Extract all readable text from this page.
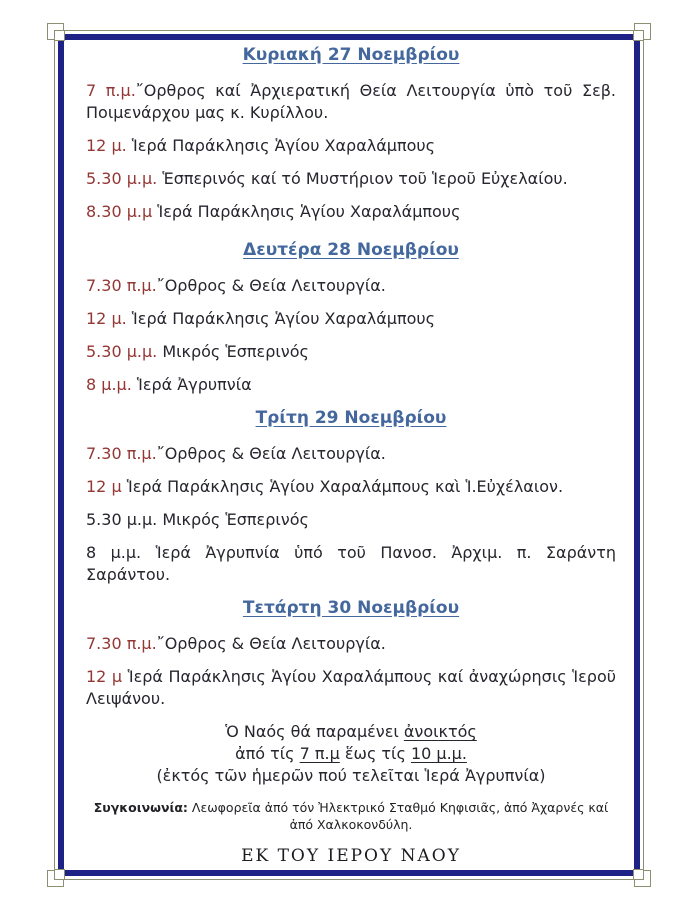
Κυριακή 27 Νοεμβρίου

7 π.μ.῎Ορθρος καί Ἀρχιερατική Θεία Λειτουργία ὑπὸ τοῦ Σεβ. Ποιμενάρχου μας κ. Κυρίλλου.

12 μ. Ἱερά Παράκλησις Ἁγίου Χαραλάμπους

5.30 μ.μ. Ἑσπερινός καί τό Μυστήριον τοῦ Ἱεροῦ Εὐχελαίου.

8.30 μ.μ Ἱερά Παράκλησις Ἁγίου Χαραλάμπους

Δευτέρα 28 Νοεμβρίου

7.30 π.μ.῎Ορθρος & Θεία Λειτουργία.

12 μ. Ἱερά Παράκλησις Ἁγίου Χαραλάμπους

5.30 μ.μ. Μικρός Ἑσπερινός

8 μ.μ. Ἱερά Ἀγρυπνία

Τρίτη 29 Νοεμβρίου

7.30 π.μ.῎Ορθρος & Θεία Λειτουργία.

12 μ Ἱερά Παράκλησις Ἁγίου Χαραλάμπους καὶ Ἱ.Εὐχέλαιον.

5.30 μ.μ. Μικρός Ἑσπερινός

8 μ.μ. Ἱερά Ἀγρυπνία ὑπό τοῦ Πανοσ. Ἀρχιμ. π. Σαράντη Σαράντου.

Τετάρτη 30 Νοεμβρίου

7.30 π.μ.῎Ορθρος & Θεία Λειτουργία.

12 μ Ἱερά Παράκλησις Ἁγίου Χαραλάμπους καί ἀναχώρησις Ἱεροῦ Λειψάνου.

Ὁ Ναός θά παραμένει ἀνοικτός

ἀπό τίς 7 π.μ ἕως τίς 10 μ.μ.

(ἐκτός τῶν ἡμερῶν πού τελεῖται Ἱερά Ἀγρυπνία)

Συγκοινωνία: Λεωφορεῖα ἀπό τόν Ἠλεκτρικό Σταθμό Κηφισιᾶς, ἀπό Ἀχαρνές καί ἀπό Χαλκοκονδύλη.

ΕΚ ΤΟΥ ΙΕΡΟΥ ΝΑΟΥ
